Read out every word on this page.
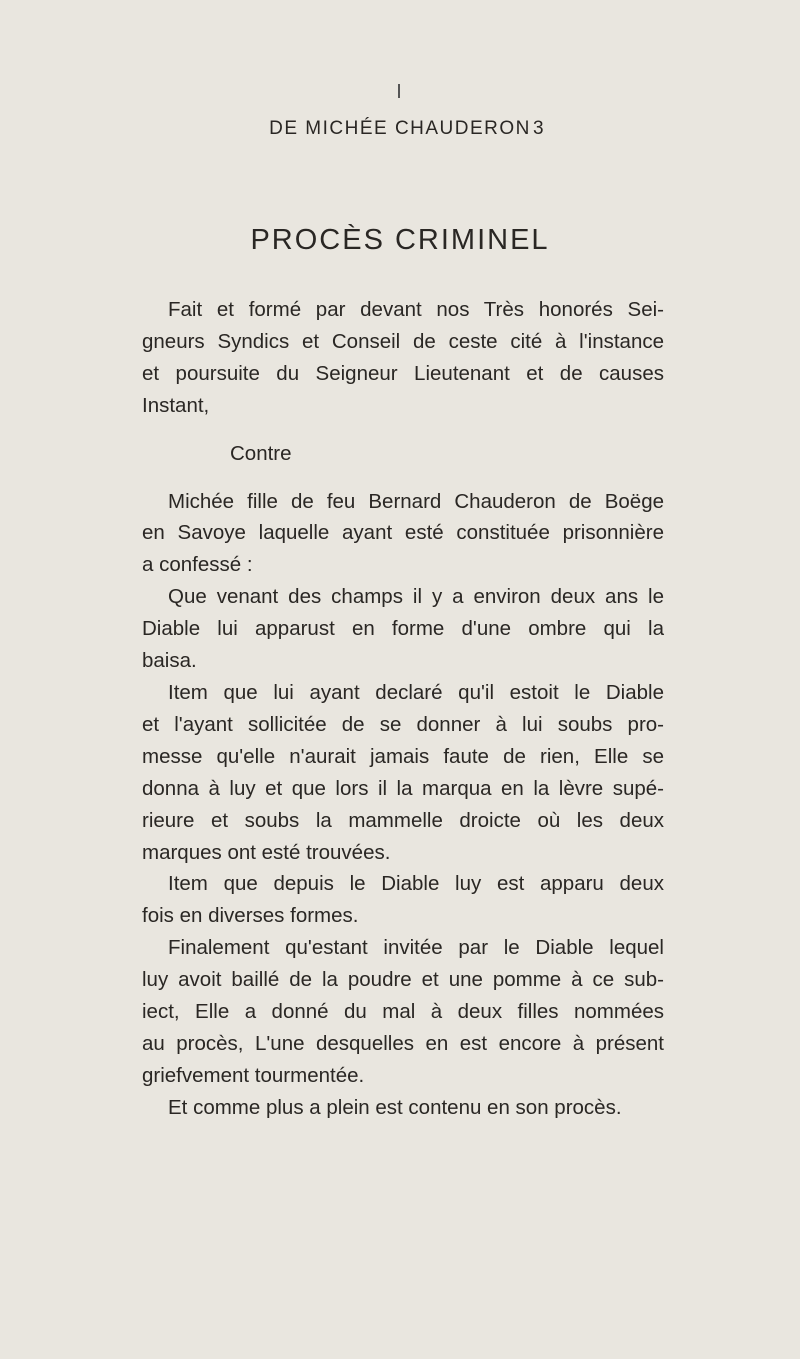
DE MICHÉE CHAUDERON 3
PROCÈS CRIMINEL

Fait et formé par devant nos Très honorés Sei-
gneurs Syndics et Conseil de ceste cité à l'instance
et poursuite du Seigneur Lieutenant et de causes
Instant,

Contre

Michée fille de feu Bernard Chauderon de Boëge
en Savoye laquelle ayant esté constituée prisonnière
a confessé :

Que venant des champs il y a environ deux ans le
Diable lui apparust en forme d'une ombre qui la
baisa.

Item que lui ayant declaré qu'il estoit le Diable
et l'ayant sollicitée de se donner à lui soubs pro-
messe qu'elle n'aurait jamais faute de rien, Elle se
donna à luy et que lors il la marqua en la lèvre supé-
rieure et soubs la mammelle droicte où les deux
marques ont esté trouvées.

Item que depuis le Diable luy est apparu deux
fois en diverses formes.

Finalement qu'estant invitée par le Diable lequel
luy avoit baillé de la poudre et une pomme à ce sub-
iect, Elle a donné du mal à deux filles nommées
au procès, L'une desquelles en est encore à présent
griefvement tourmentée.

Et comme plus a plein est contenu en son procès.
